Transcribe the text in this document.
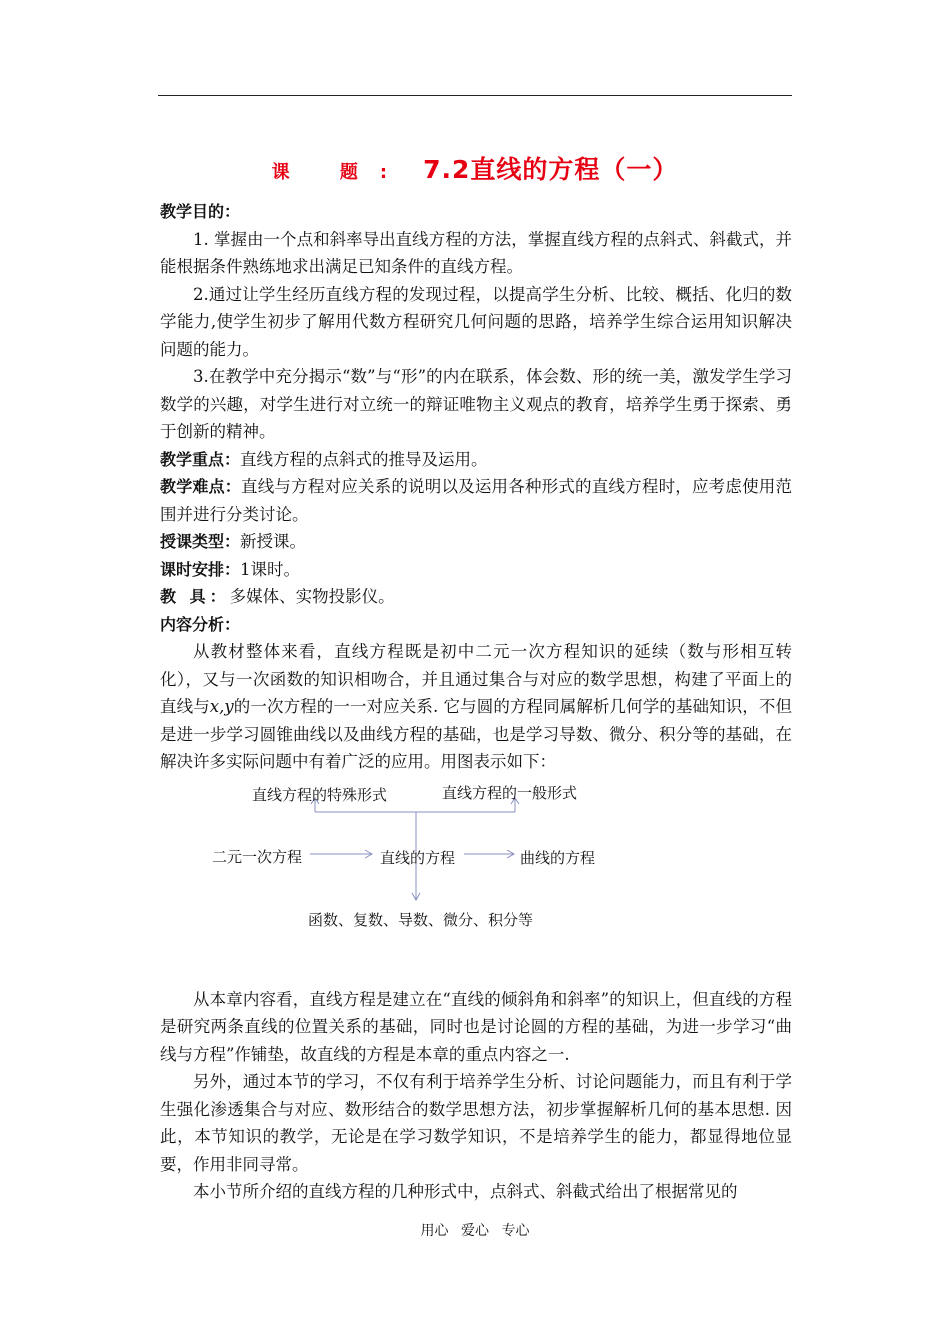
课 题: 7.2直线的方程（一）

教学目的：

1. 掌握由一个点和斜率导出直线方程的方法，掌握直线方程的点斜式、斜截式，并能根据条件熟练地求出满足已知条件的直线方程。

2.通过让学生经历直线方程的发现过程，以提高学生分析、比较、概括、化归的数学能力,使学生初步了解用代数方程研究几何问题的思路，培养学生综合运用知识解决问题的能力。

3.在教学中充分揭示“数”与“形”的内在联系，体会数、形的统一美，激发学生学习数学的兴趣，对学生进行对立统一的辩证唯物主义观点的教育，培养学生勇于探索、勇于创新的精神。

教学重点：直线方程的点斜式的推导及运用。

教学难点：直线与方程对应关系的说明以及运用各种形式的直线方程时，应考虑使用范围并进行分类讨论。

授课类型：新授课。

课时安排：1课时。

教 具：多媒体、实物投影仪。

内容分析：

从教材整体来看，直线方程既是初中二元一次方程知识的延续（数与形相互转化），又与一次函数的知识相吻合，并且通过集合与对应的数学思想，构建了平面上的直线与x,y的一次方程的一一对应关系. 它与圆的方程同属解析几何学的基础知识，不但是进一步学习圆锥曲线以及曲线方程的基础，也是学习导数、微分、积分等的基础，在解决许多实际问题中有着广泛的应用。用图表示如下：

直线方程的特殊形式	直线方程的一般形式
二元一次方程	直线的方程	曲线的方程
函数、复数、导数、微分、积分等

从本章内容看，直线方程是建立在“直线的倾斜角和斜率”的知识上，但直线的方程是研究两条直线的位置关系的基础，同时也是讨论圆的方程的基础，为进一步学习“曲线与方程”作铺垫，故直线的方程是本章的重点内容之一.

另外，通过本节的学习，不仅有利于培养学生分析、讨论问题能力，而且有利于学生强化渗透集合与对应、数形结合的数学思想方法，初步掌握解析几何的基本思想. 因此，本节知识的教学，无论是在学习数学知识，不是培养学生的能力，都显得地位显要，作用非同寻常。

本小节所介绍的直线方程的几种形式中，点斜式、斜截式给出了根据常见的

用心 爱心 专心
